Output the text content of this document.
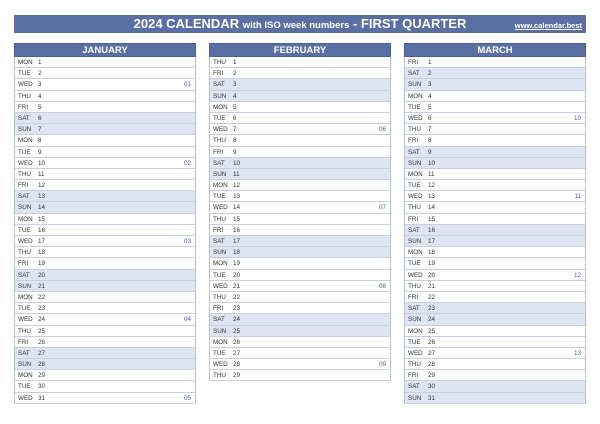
2024 CALENDAR with ISO week numbers - FIRST QUARTER	www.calendar.best
JANUARY
MON 1
TUE 2
WED 3	01
THU 4
FRI 5
SAT 6
SUN 7
MON 8
TUE 9
WED 10	02
THU 11
FRI 12
SAT 13
SUN 14
MON 15
TUE 16
WED 17	03
THU 18
FRI 19
SAT 20
SUN 21
MON 22
TUE 23
WED 24	04
THU 25
FRI 26
SAT 27
SUN 28
MON 29
TUE 30
WED 31	05
FEBRUARY
THU 1
FRI 2
SAT 3
SUN 4
MON 5
TUE 6
WED 7	06
THU 8
FRI 9
SAT 10
SUN 11
MON 12
TUE 13
WED 14	07
THU 15
FRI 16
SAT 17
SUN 18
MON 19
TUE 20
WED 21	08
THU 22
FRI 23
SAT 24
SUN 25
MON 26
TUE 27
WED 28	09
THU 29
MARCH
FRI 1
SAT 2
SUN 3
MON 4
TUE 5
WED 6	10
THU 7
FRI 8
SAT 9
SUN 10
MON 11
TUE 12
WED 13	11
THU 14
FRI 15
SAT 16
SUN 17
MON 18
TUE 19
WED 20	12
THU 21
FRI 22
SAT 23
SUN 24
MON 25
TUE 26
WED 27	13
THU 28
FRI 29
SAT 30
SUN 31
